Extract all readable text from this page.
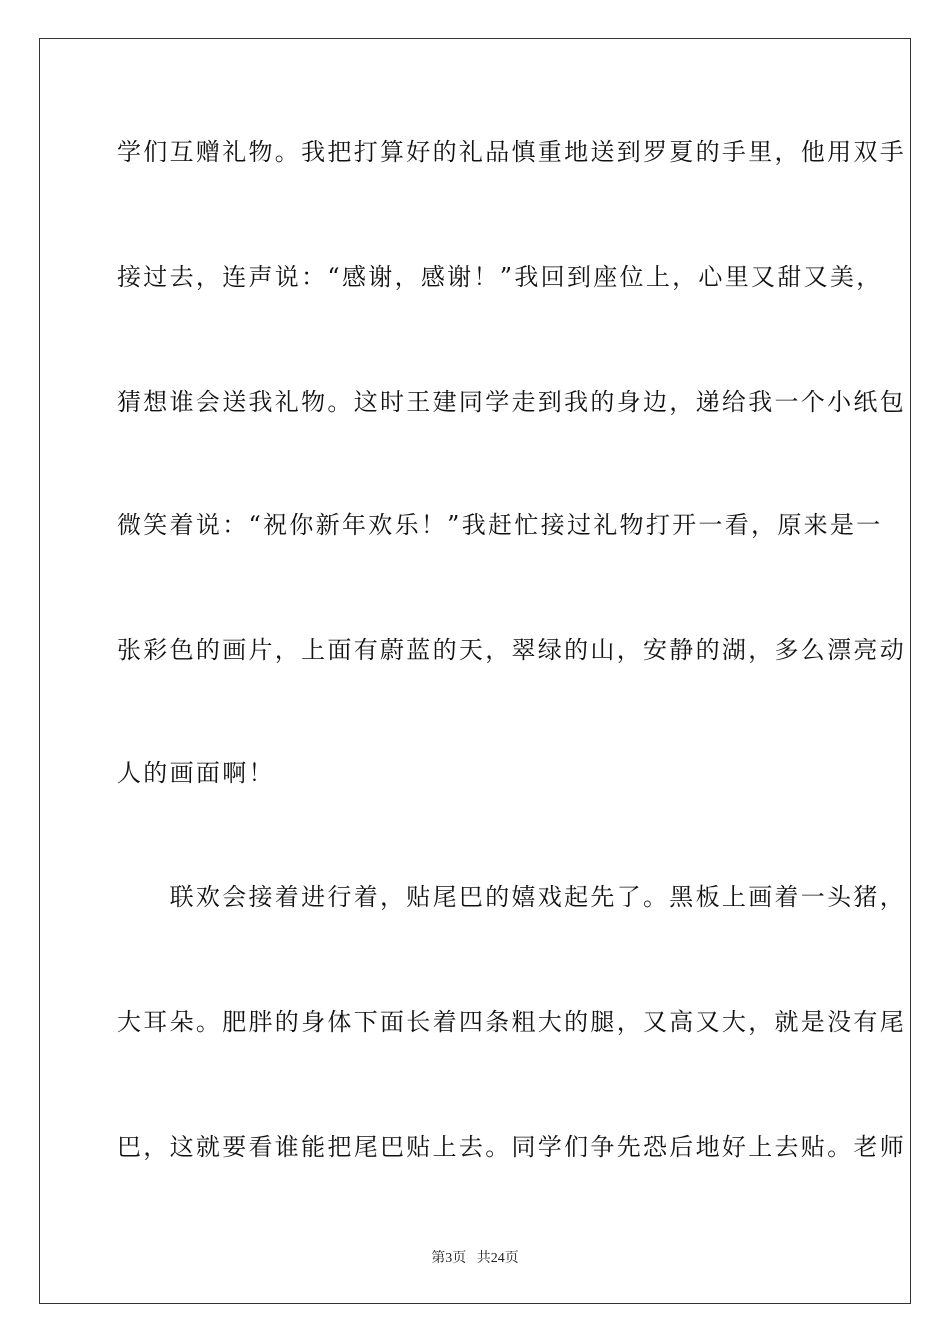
学们互赠礼物。我把打算好的礼品慎重地送到罗夏的手里，他用双手
接过去，连声说：“感谢，感谢！”我回到座位上，心里又甜又美，
猜想谁会送我礼物。这时王建同学走到我的身边，递给我一个小纸包
微笑着说：“祝你新年欢乐！”我赶忙接过礼物打开一看，原来是一
张彩色的画片，上面有蔚蓝的天，翠绿的山，安静的湖，多么漂亮动
人的画面啊！
　　联欢会接着进行着，贴尾巴的嬉戏起先了。黑板上画着一头猪，
大耳朵。肥胖的身体下面长着四条粗大的腿，又高又大，就是没有尾
巴，这就要看谁能把尾巴贴上去。同学们争先恐后地好上去贴。老师
第3页 共24页
